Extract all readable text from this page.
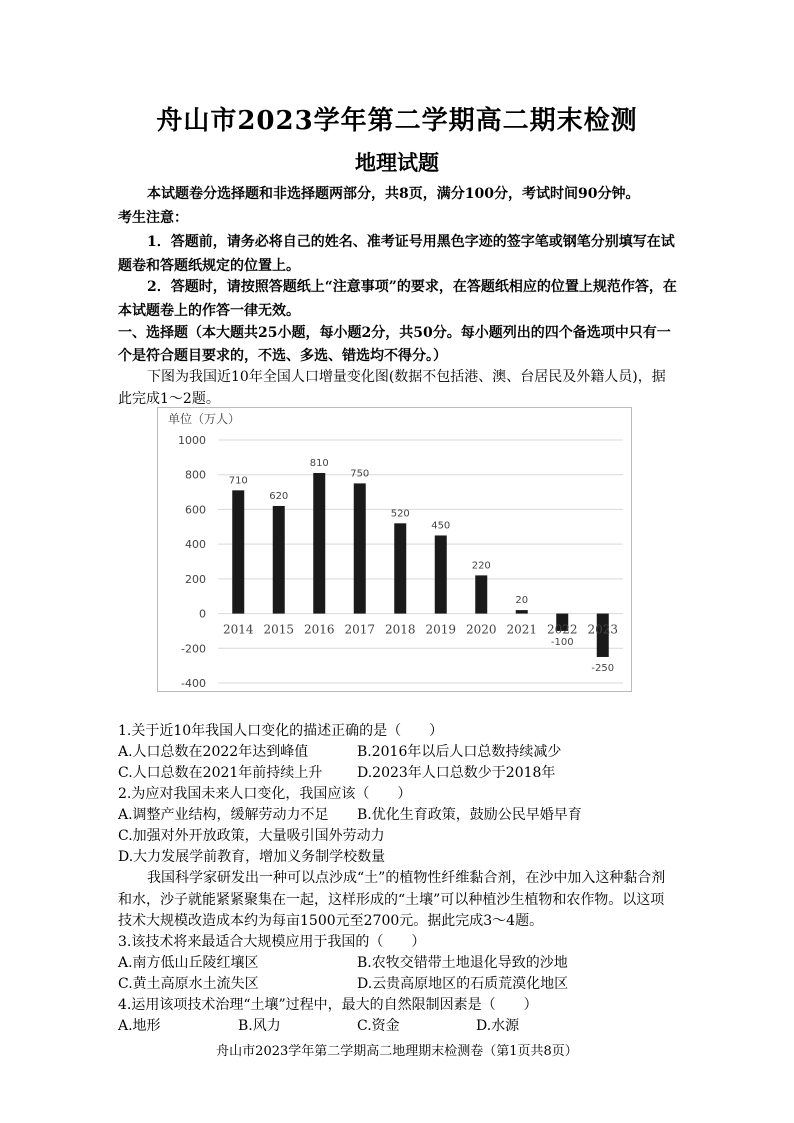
舟山市2023学年第二学期高二期末检测
地理试题
本试题卷分选择题和非选择题两部分，共8页，满分100分，考试时间90分钟。
考生注意：
1．答题前，请务必将自己的姓名、准考证号用黑色字迹的签字笔或钢笔分别填写在试
题卷和答题纸规定的位置上。
2．答题时，请按照答题纸上“注意事项”的要求，在答题纸相应的位置上规范作答，在
本试题卷上的作答一律无效。
一、选择题（本大题共25小题，每小题2分，共50分。每小题列出的四个备选项中只有一
个是符合题目要求的，不选、多选、错选均不得分。）
下图为我国近10年全国人口增量变化图(数据不包括港、澳、台居民及外籍人员)，据
此完成1～2题。
单位（万人）
1000
800
600
400
200
0
-200
-400
2014 2015 2016 2017 2018 2019 2020 2021 2022 2023
710
620
810
750
520
450
220
20
-100
-250
1.关于近10年我国人口变化的描述正确的是（　　）
A.人口总数在2022年达到峰值	B.2016年以后人口总数持续减少
C.人口总数在2021年前持续上升 D.2023年人口总数少于2018年
2.为应对我国未来人口变化，我国应该（　　）
A.调整产业结构，缓解劳动力不足 B.优化生育政策，鼓励公民早婚早育
C.加强对外开放政策，大量吸引国外劳动力
D.大力发展学前教育，增加义务制学校数量
我国科学家研发出一种可以点沙成“土”的植物性纤维黏合剂，在沙中加入这种黏合剂
和水，沙子就能紧紧聚集在一起，这样形成的“土壤”可以种植沙生植物和农作物。以这项
技术大规模改造成本约为每亩1500元至2700元。据此完成3～4题。
3.该技术将来最适合大规模应用于我国的（　　）
A.南方低山丘陵红壤区	B.农牧交错带土地退化导致的沙地
C.黄土高原水土流失区	D.云贵高原地区的石质荒漠化地区
4.运用该项技术治理“土壤”过程中，最大的自然限制因素是（　　）
A.地形	B.风力	C.资金	D.水源
舟山市2023学年第二学期高二地理期末检测卷（第1页共8页）
